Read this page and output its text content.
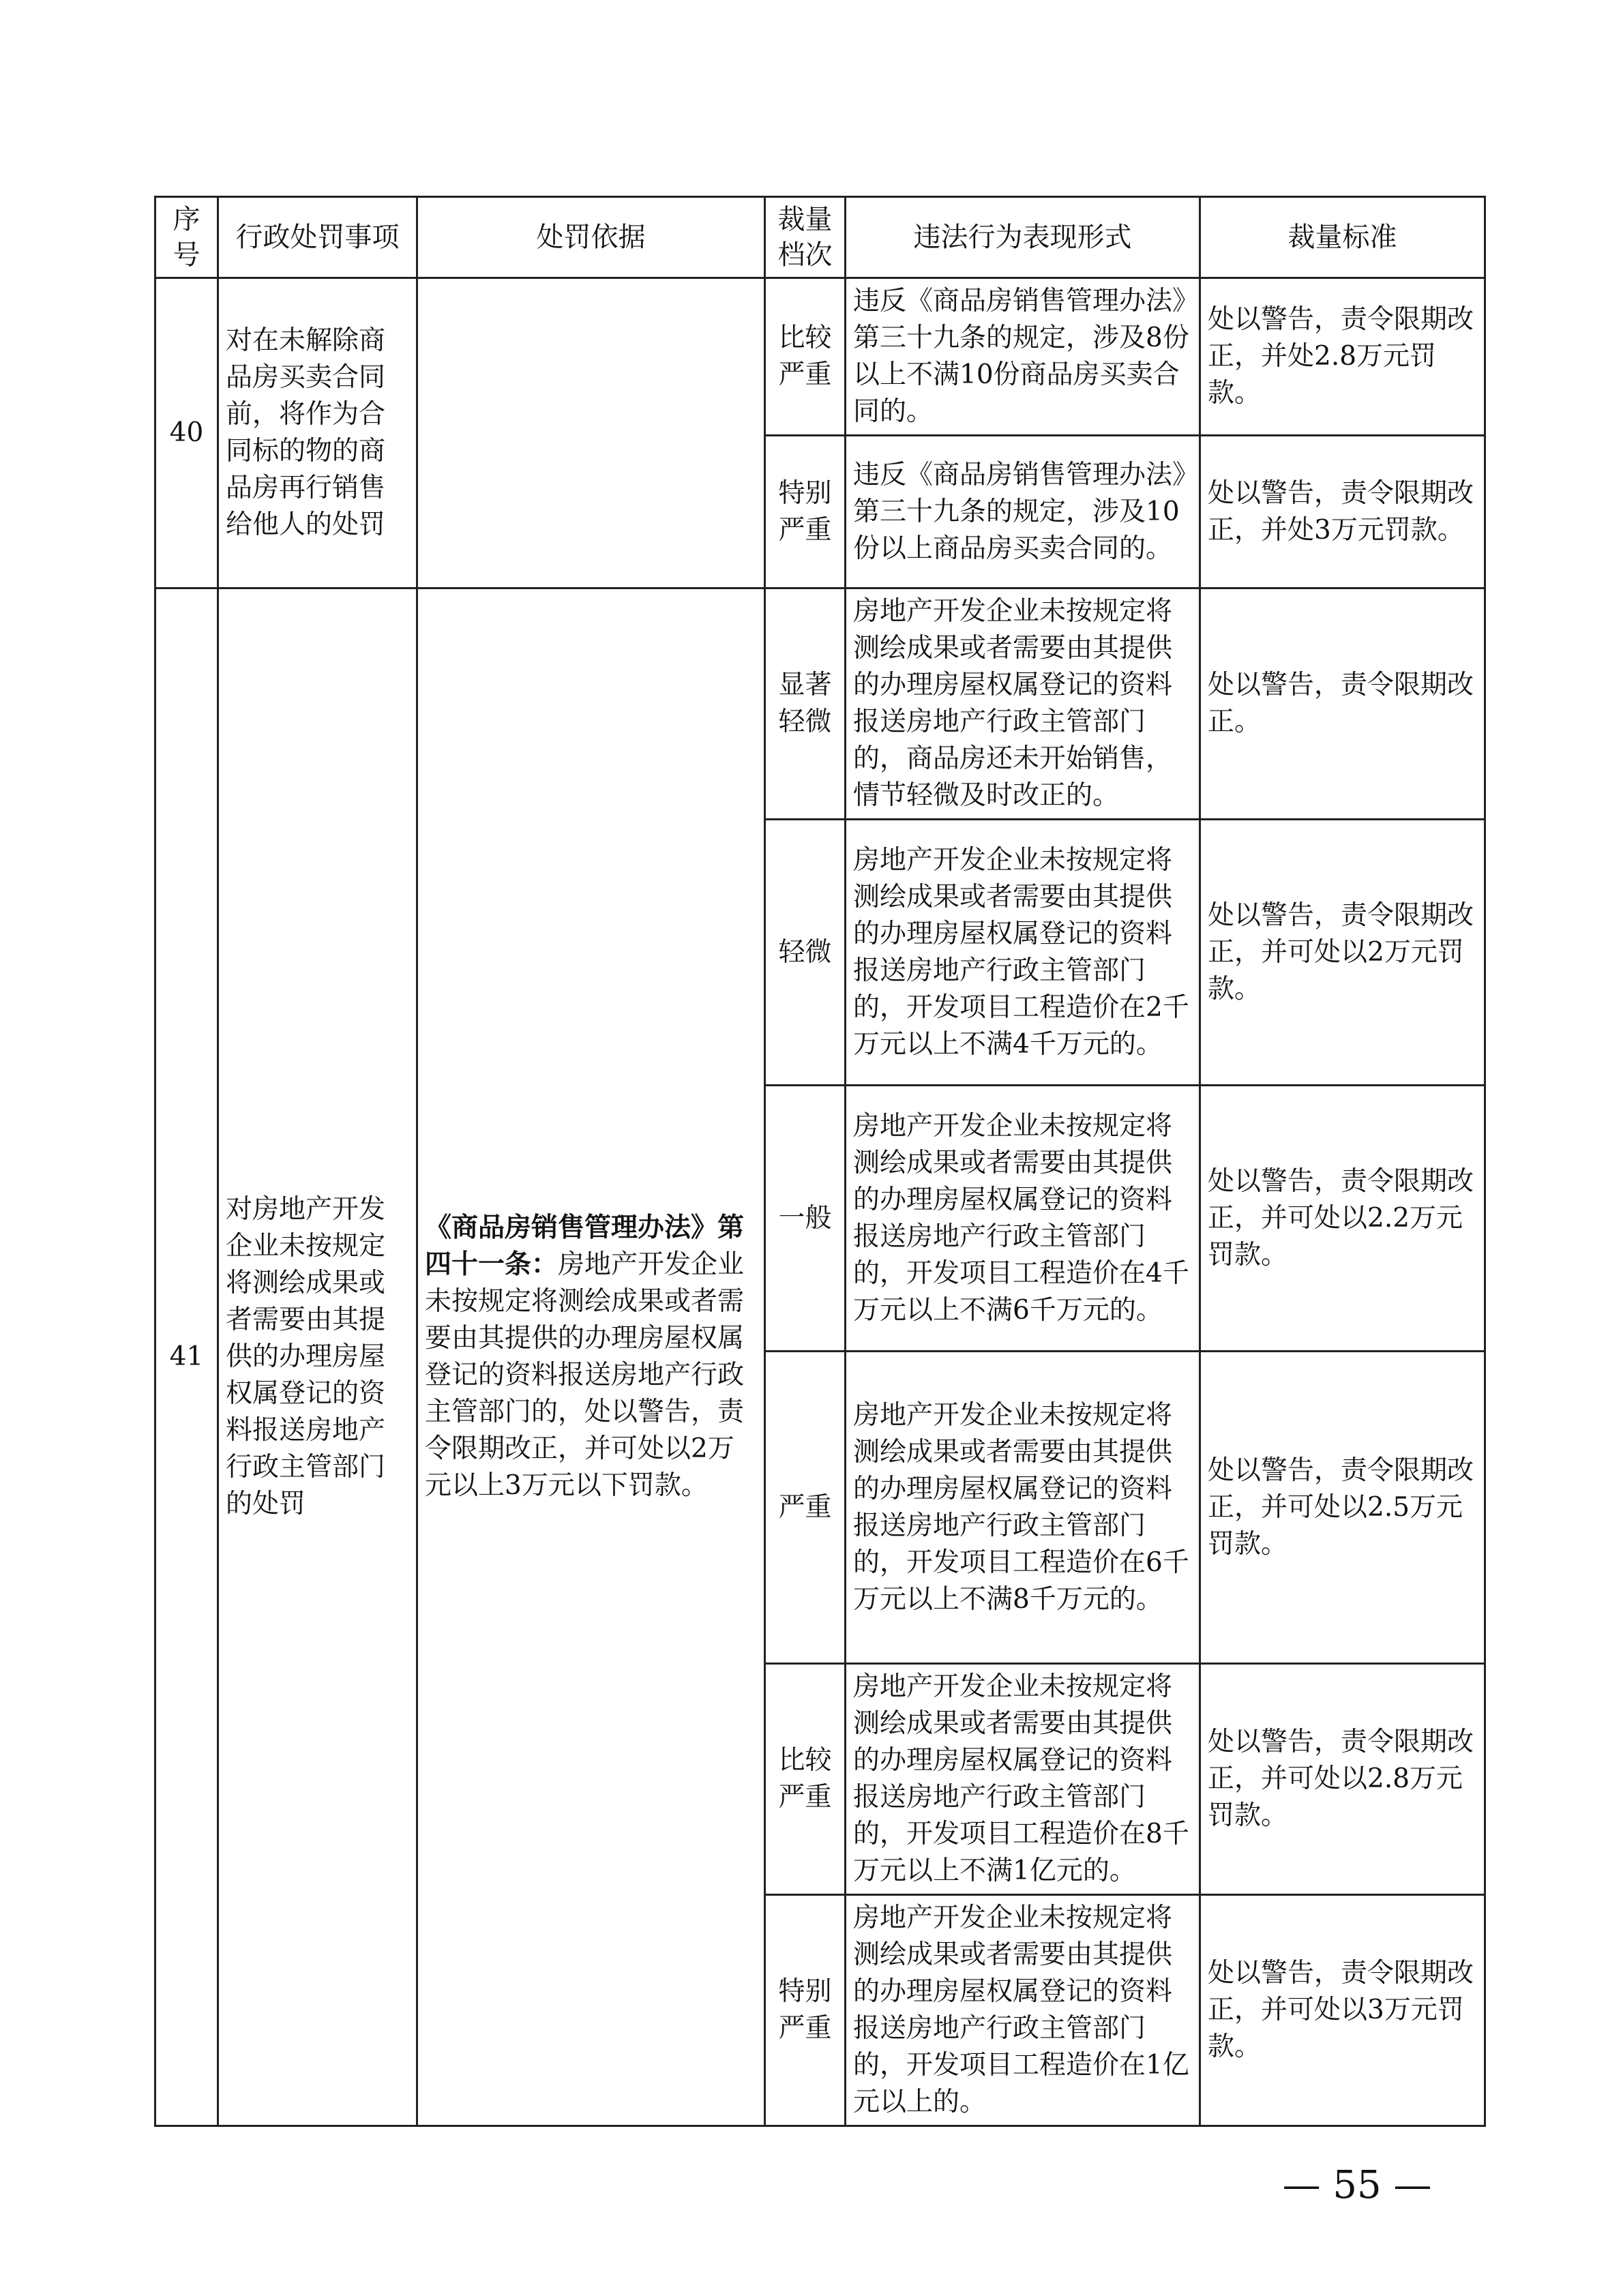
序号	行政处罚事项	处罚依据	裁量档次	违法行为表现形式	裁量标准
40	对在未解除商品房买卖合同前，将作为合同标的物的商品房再行销售给他人的处罚		比较严重	违反《商品房销售管理办法》第三十九条的规定，涉及8份以上不满10份商品房买卖合同的。	处以警告，责令限期改正，并处2.8万元罚款。
			特别严重	违反《商品房销售管理办法》第三十九条的规定，涉及10份以上商品房买卖合同的。	处以警告，责令限期改正，并处3万元罚款。
41	对房地产开发企业未按规定将测绘成果或者需要由其提供的办理房屋权属登记的资料报送房地产行政主管部门的处罚	《商品房销售管理办法》第四十一条：房地产开发企业未按规定将测绘成果或者需要由其提供的办理房屋权属登记的资料报送房地产行政主管部门的，处以警告，责令限期改正，并可处以2万元以上3万元以下罚款。	显著轻微	房地产开发企业未按规定将测绘成果或者需要由其提供的办理房屋权属登记的资料报送房地产行政主管部门的，商品房还未开始销售，情节轻微及时改正的。	处以警告，责令限期改正。
			轻微	房地产开发企业未按规定将测绘成果或者需要由其提供的办理房屋权属登记的资料报送房地产行政主管部门的，开发项目工程造价在2千万元以上不满4千万元的。	处以警告，责令限期改正，并可处以2万元罚款。
			一般	房地产开发企业未按规定将测绘成果或者需要由其提供的办理房屋权属登记的资料报送房地产行政主管部门的，开发项目工程造价在4千万元以上不满6千万元的。	处以警告，责令限期改正，并可处以2.2万元罚款。
			严重	房地产开发企业未按规定将测绘成果或者需要由其提供的办理房屋权属登记的资料报送房地产行政主管部门的，开发项目工程造价在6千万元以上不满8千万元的。	处以警告，责令限期改正，并可处以2.5万元罚款。
			比较严重	房地产开发企业未按规定将测绘成果或者需要由其提供的办理房屋权属登记的资料报送房地产行政主管部门的，开发项目工程造价在8千万元以上不满1亿元的。	处以警告，责令限期改正，并可处以2.8万元罚款。
			特别严重	房地产开发企业未按规定将测绘成果或者需要由其提供的办理房屋权属登记的资料报送房地产行政主管部门的，开发项目工程造价在1亿元以上的。	处以警告，责令限期改正，并可处以3万元罚款。
— 55 —
